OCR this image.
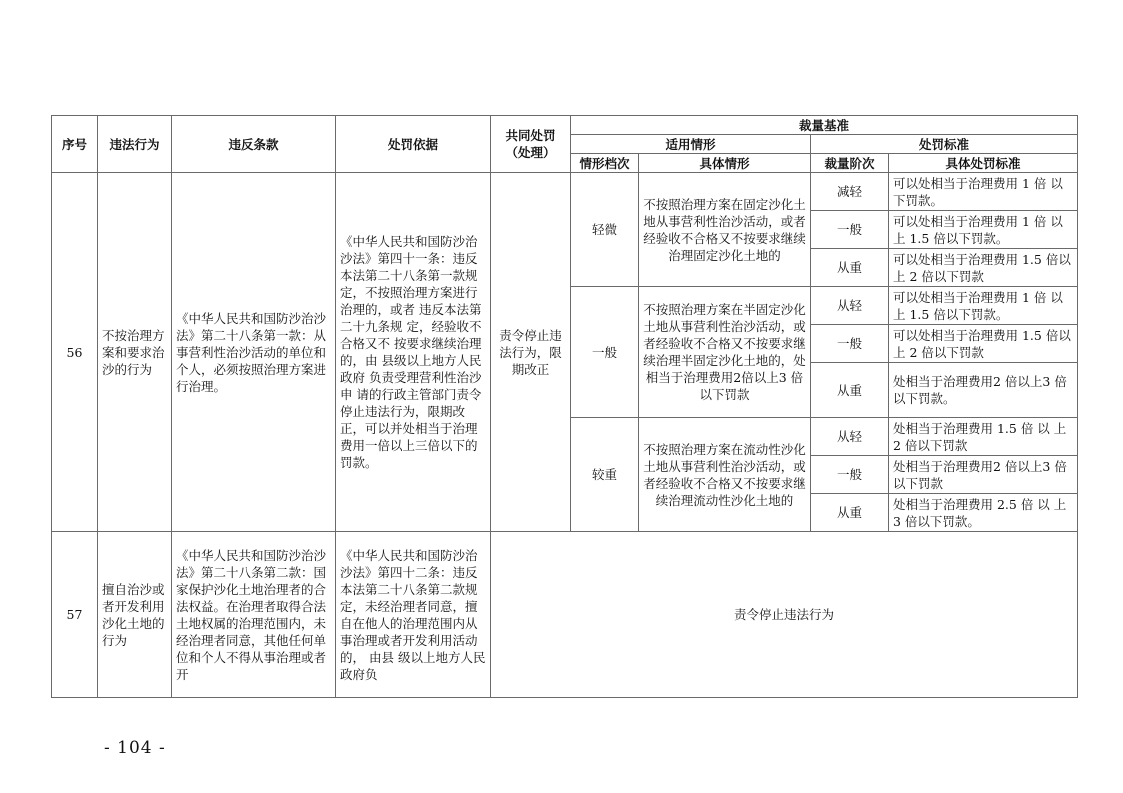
序号	违法行为	违反条款	处罚依据	共同处罚（处理）	裁量基准			
					适用情形		处罚标准	
					情形档次	具体情形	裁量阶次	具体处罚标准
56	不按治理方案和要求治沙的行为	《中华人民共和国防沙治沙法》第二十八条第一款：从事营利性治沙活动的单位和个人，必须按照治理方案进行治理。	《中华人民共和国防沙治沙法》第四十一条：违反本法第二十八条第一款规定，不按照治理方案进行治理的，或者 违反本法第二十九条规 定，经验收不合格又不 按要求继续治理的，由 县级以上地方人民政府 负责受理营利性治沙申 请的行政主管部门责令 停止违法行为，限期改 正，可以并处相当于治理费用一倍以上三倍以下的罚款。	责令停止违法行为，限期改正	轻微	不按照治理方案在固定沙化土地从事营利性治沙活动，或者经验收不合格又不按要求继续治理固定沙化土地的	减轻	可以处相当于治理费用 1 倍 以下罚款。
							一般	可以处相当于治理费用 1 倍 以上 1.5 倍以下罚款。
							从重	可以处相当于治理费用 1.5 倍以上 2 倍以下罚款
					一般	不按照治理方案在半固定沙化土地从事营利性治沙活动，或者经验收不合格又不按要求继续治理半固定沙化土地的，处相当于治理费用2倍以上3 倍以下罚款	从轻	可以处相当于治理费用 1 倍 以上 1.5 倍以下罚款。
							一般	可以处相当于治理费用 1.5 倍以上 2 倍以下罚款
							从重	处相当于治理费用2 倍以上3 倍以下罚款。
					较重	不按照治理方案在流动性沙化土地从事营利性治沙活动，或者经验收不合格又不按要求继续治理流动性沙化土地的	从轻	处相当于治理费用 1.5 倍 以 上 2 倍以下罚款
							一般	处相当于治理费用2 倍以上3 倍以下罚款
							从重	处相当于治理费用 2.5 倍 以 上 3 倍以下罚款。
57	擅自治沙或者开发利用沙化土地的行为	《中华人民共和国防沙治沙法》第二十八条第二款：国家保护沙化土地治理者的合法权益。在治理者取得合法土地权属的治理范围内，未经治理者同意，其他任何单位和个人不得从事治理或者开	《中华人民共和国防沙治沙法》第四十二条：违反本法第二十八条第二款规定，未经治理者同意，擅自在他人的治理范围内从事治理或者开发利用活动的， 由县 级以上地方人民政府负	责令停止违法行为				
- 104 -
